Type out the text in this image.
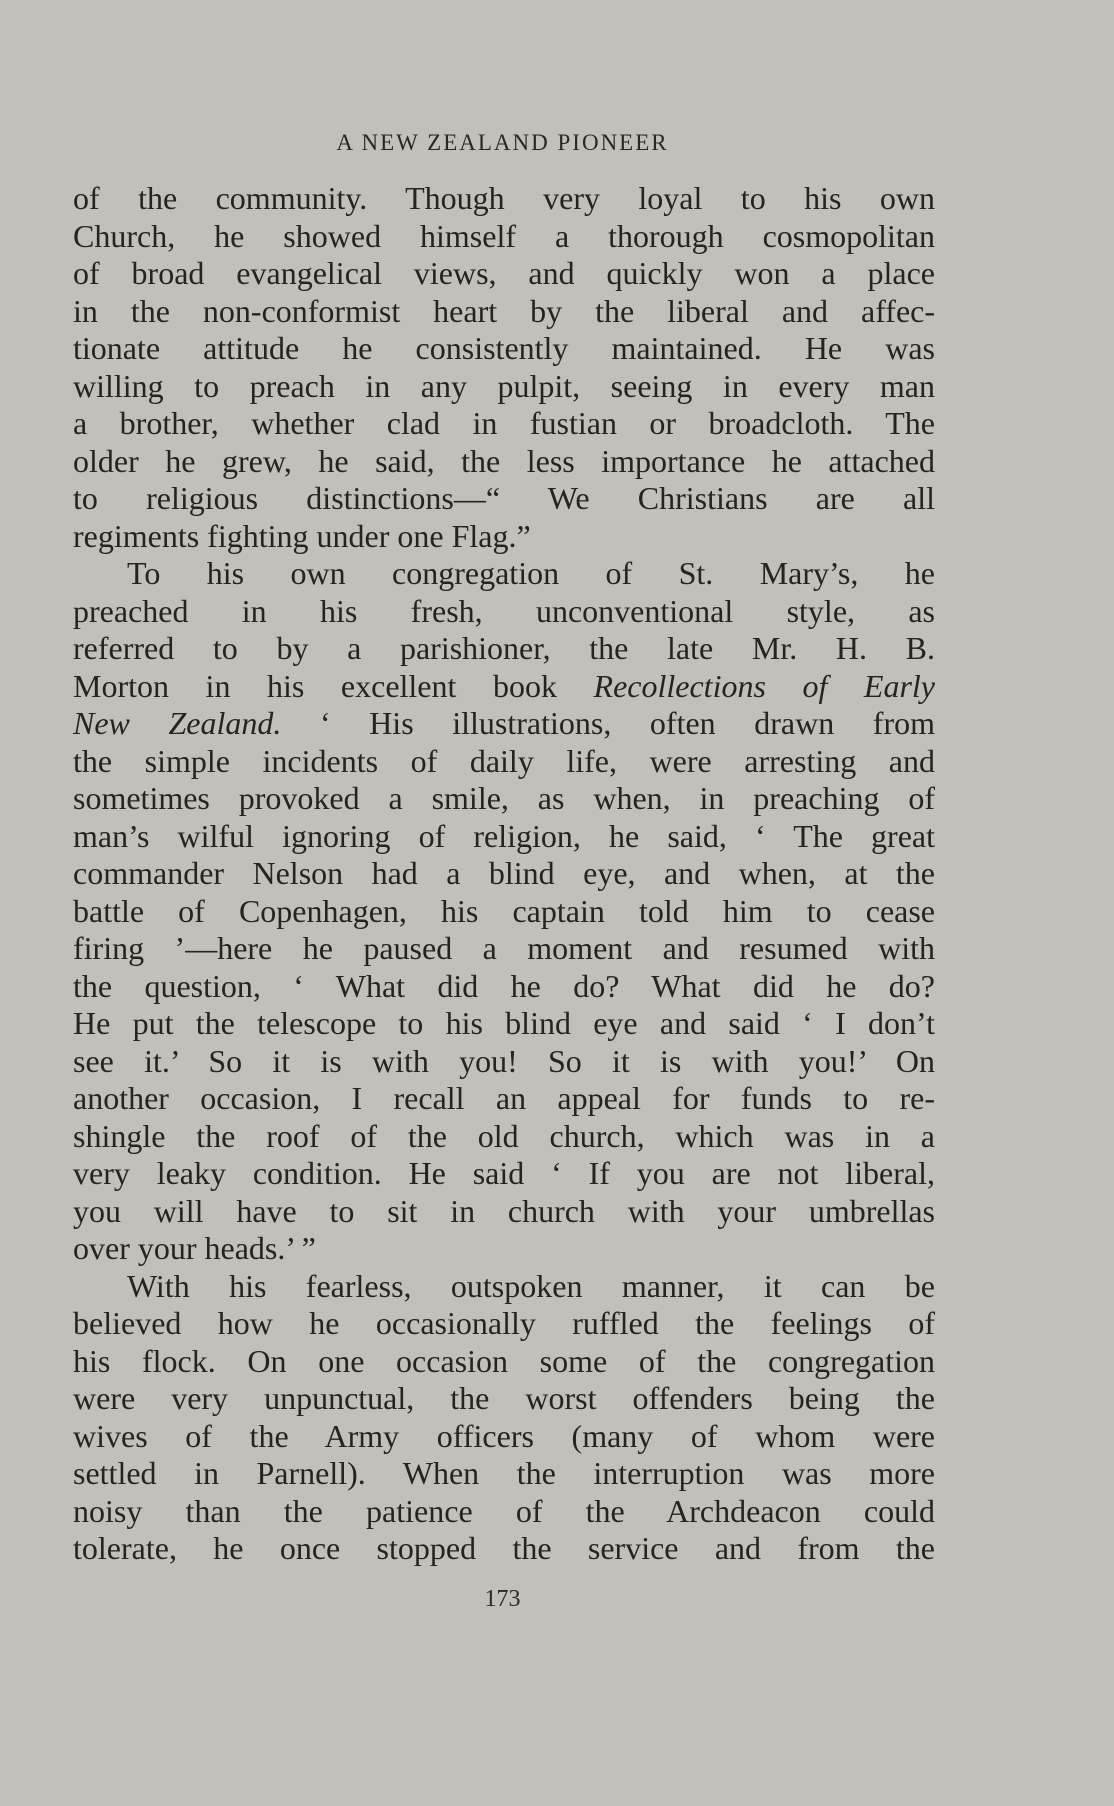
A NEW ZEALAND PIONEER
of the community. Though very loyal to his own
Church, he showed himself a thorough cosmopolitan
of broad evangelical views, and quickly won a place
in the non-conformist heart by the liberal and affec-
tionate attitude he consistently maintained. He was
willing to preach in any pulpit, seeing in every man
a brother, whether clad in fustian or broadcloth. The
older he grew, he said, the less importance he attached
to religious distinctions—“ We Christians are all
regiments fighting under one Flag.”
To his own congregation of St. Mary’s, he
preached in his fresh, unconventional style, as
referred to by a parishioner, the late Mr. H. B.
Morton in his excellent book Recollections of Early
New Zealand. ‘ His illustrations, often drawn from
the simple incidents of daily life, were arresting and
sometimes provoked a smile, as when, in preaching of
man’s wilful ignoring of religion, he said, ‘ The great
commander Nelson had a blind eye, and when, at the
battle of Copenhagen, his captain told him to cease
firing ’—here he paused a moment and resumed with
the question, ‘ What did he do? What did he do?
He put the telescope to his blind eye and said ‘ I don’t
see it.’ So it is with you! So it is with you!’ On
another occasion, I recall an appeal for funds to re-
shingle the roof of the old church, which was in a
very leaky condition. He said ‘ If you are not liberal,
you will have to sit in church with your umbrellas
over your heads.’ ”
With his fearless, outspoken manner, it can be
believed how he occasionally ruffled the feelings of
his flock. On one occasion some of the congregation
were very unpunctual, the worst offenders being the
wives of the Army officers (many of whom were
settled in Parnell). When the interruption was more
noisy than the patience of the Archdeacon could
tolerate, he once stopped the service and from the
173
